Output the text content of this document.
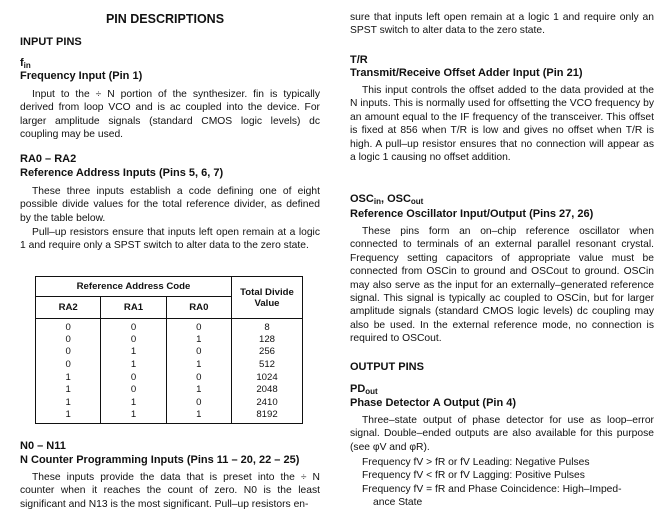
PIN DESCRIPTIONS
INPUT PINS
$f_{in}$
Frequency Input (Pin 1)

Input to the ÷ N portion of the synthesizer. fin is typically derived from loop VCO and is ac coupled into the device. For larger amplitude signals (standard CMOS logic levels) dc coupling may be used.

RA0 – RA2
Reference Address Inputs (Pins 5, 6, 7)

These three inputs establish a code defining one of eight possible divide values for the total reference divider, as defined by the table below.

Pull–up resistors ensure that inputs left open remain at a logic 1 and require only a SPST switch to alter data to the zero state.

Reference Address Code			Total Divide Value
RA2	RA1	RA0	
0	0	0	8
0	0	1	128
0	1	0	256
0	1	1	512
1	0	0	1024
1	0	1	2048
1	1	0	2410
1	1	1	8192
N0 – N11
N Counter Programming Inputs (Pins 11 – 20, 22 – 25)

These inputs provide the data that is preset into the ÷ N counter when it reaches the count of zero. N0 is the least significant and N13 is the most significant. Pull–up resistors en-

sure that inputs left open remain at a logic 1 and require only an SPST switch to alter data to the zero state.

T/R
Transmit/Receive Offset Adder Input (Pin 21)

This input controls the offset added to the data provided at the N inputs. This is normally used for offsetting the VCO frequency by an amount equal to the IF frequency of the transceiver. This offset is fixed at 856 when T/R is low and gives no offset when T/R is high. A pull–up resistor ensures that no connection will appear as a logic 1 causing no offset addition.

$OSC_{in}$, $OSC_{out}$
Reference Oscillator Input/Output (Pins 27, 26)

These pins form an on–chip reference oscillator when connected to terminals of an external parallel resonant crystal. Frequency setting capacitors of appropriate value must be connected from OSCin to ground and OSCout to ground. OSCin may also serve as the input for an externally–generated reference signal. This signal is typically ac coupled to OSCin, but for larger amplitude signals (standard CMOS logic levels) dc coupling may also be used. In the external reference mode, no connection is required to OSCout.

OUTPUT PINS
$PD_{out}$
Phase Detector A Output (Pin 4)

Three–state output of phase detector for use as loop–error signal. Double–ended outputs are also available for this purpose (see φV and φR).

Frequency fV > fR or fV Leading: Negative Pulses

Frequency fV < fR or fV Lagging: Positive Pulses

Frequency fV = fR and Phase Coincidence: High–Imped-

ance State
